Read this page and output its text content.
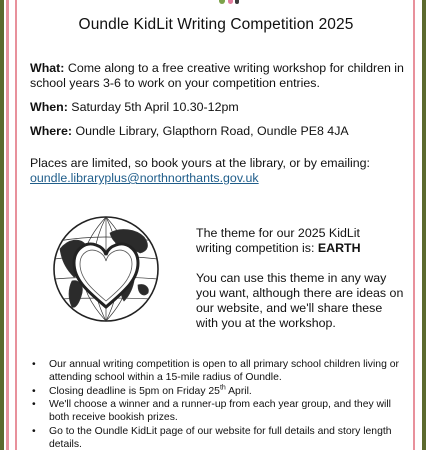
Oundle KidLit Writing Competition 2025
What: Come along to a free creative writing workshop for children in school years 3-6 to work on your competition entries.
When: Saturday 5th April 10.30-12pm
Where: Oundle Library, Glapthorn Road, Oundle PE8 4JA
Places are limited, so book yours at the library, or by emailing:
oundle.libraryplus@northnorthants.gov.uk
The theme for our 2025 KidLit
writing competition is: EARTH
You can use this theme in any way you want, although there are ideas on our website, and we'll share these with you at the workshop.
• Our annual writing competition is open to all primary school children living or attending school within a 15-mile radius of Oundle.
• Closing deadline is 5pm on Friday 25th April.
• We'll choose a winner and a runner-up from each year group, and they will both receive bookish prizes.
• Go to the Oundle KidLit page of our website for full details and story length details.
